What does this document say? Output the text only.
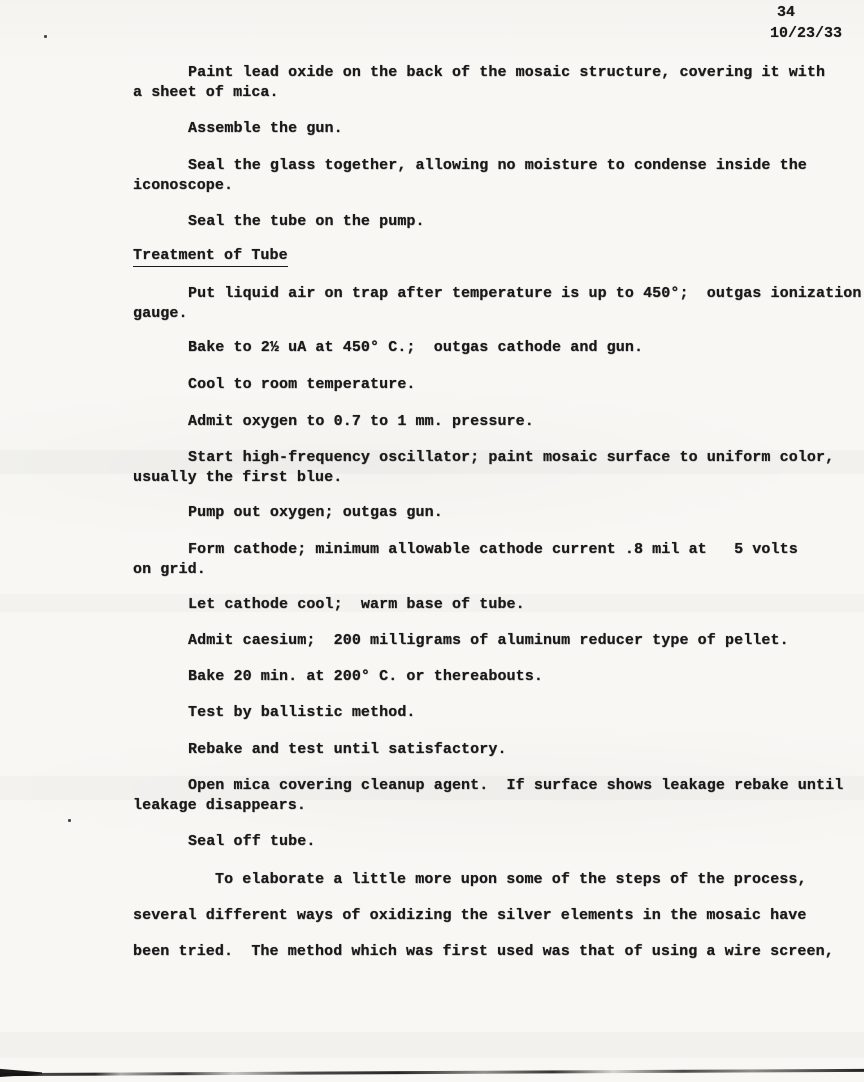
34
10/23/33
Paint lead oxide on the back of the mosaic structure, covering it with
a sheet of mica.
Assemble the gun.
Seal the glass together, allowing no moisture to condense inside the
iconoscope.
Seal the tube on the pump.
Treatment of Tube
Put liquid air on trap after temperature is up to 450°;  outgas ionization
gauge.
Bake to 2½ uA at 450° C.;  outgas cathode and gun.
Cool to room temperature.
Admit oxygen to 0.7 to 1 mm. pressure.
Start high-frequency oscillator; paint mosaic surface to uniform color,
usually the first blue.
Pump out oxygen; outgas gun.
Form cathode; minimum allowable cathode current .8 mil at   5 volts
on grid.
Let cathode cool;  warm base of tube.
Admit caesium;  200 milligrams of aluminum reducer type of pellet.
Bake 20 min. at 200° C. or thereabouts.
Test by ballistic method.
Rebake and test until satisfactory.
Open mica covering cleanup agent.  If surface shows leakage rebake until
leakage disappears.
Seal off tube.
To elaborate a little more upon some of the steps of the process,
several different ways of oxidizing the silver elements in the mosaic have
been tried.  The method which was first used was that of using a wire screen,
